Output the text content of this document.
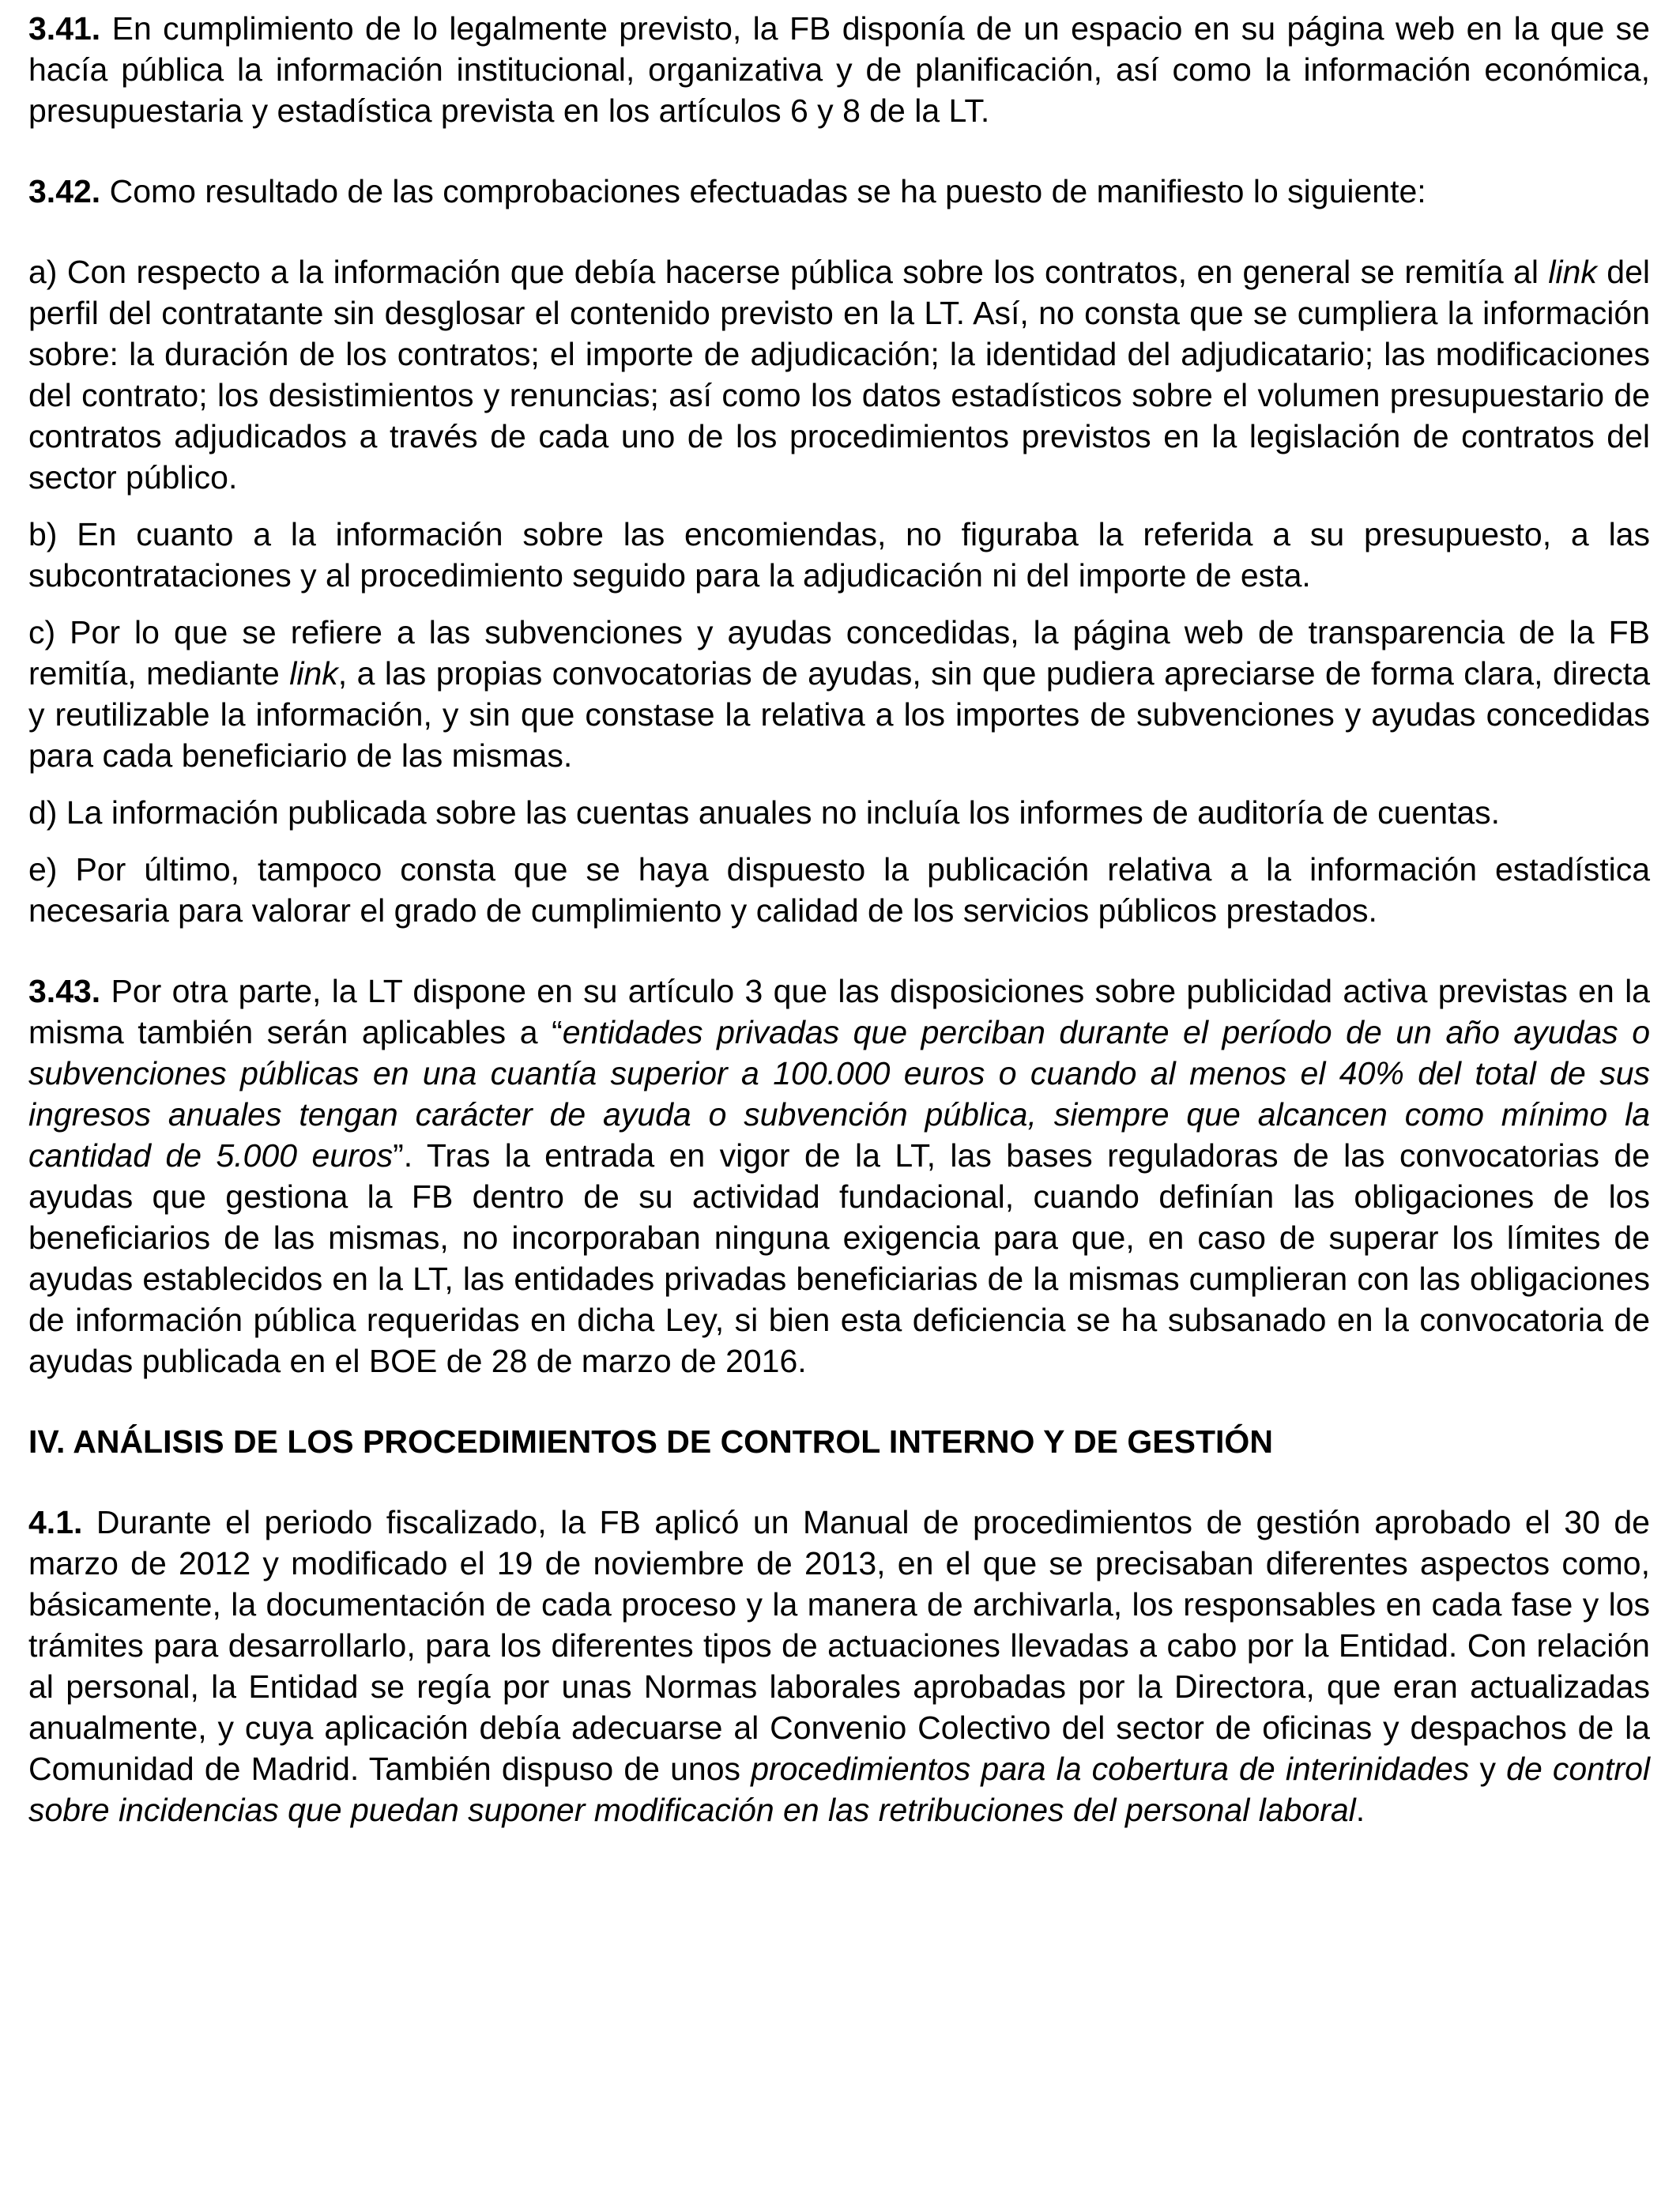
3.41. En cumplimiento de lo legalmente previsto, la FB disponía de un espacio en su página web en la que se hacía pública la información institucional, organizativa y de planificación, así como la información económica, presupuestaria y estadística prevista en los artículos 6 y 8 de la LT.

3.42. Como resultado de las comprobaciones efectuadas se ha puesto de manifiesto lo siguiente:

a) Con respecto a la información que debía hacerse pública sobre los contratos, en general se remitía al link del perfil del contratante sin desglosar el contenido previsto en la LT. Así, no consta que se cumpliera la información sobre: la duración de los contratos; el importe de adjudicación; la identidad del adjudicatario; las modificaciones del contrato; los desistimientos y renuncias; así como los datos estadísticos sobre el volumen presupuestario de contratos adjudicados a través de cada uno de los procedimientos previstos en la legislación de contratos del sector público.

b) En cuanto a la información sobre las encomiendas, no figuraba la referida a su presupuesto, a las subcontrataciones y al procedimiento seguido para la adjudicación ni del importe de esta.

c) Por lo que se refiere a las subvenciones y ayudas concedidas, la página web de transparencia de la FB remitía, mediante link, a las propias convocatorias de ayudas, sin que pudiera apreciarse de forma clara, directa y reutilizable la información, y sin que constase la relativa a los importes de subvenciones y ayudas concedidas para cada beneficiario de las mismas.

d) La información publicada sobre las cuentas anuales no incluía los informes de auditoría de cuentas.

e) Por último, tampoco consta que se haya dispuesto la publicación relativa a la información estadística necesaria para valorar el grado de cumplimiento y calidad de los servicios públicos prestados.

3.43. Por otra parte, la LT dispone en su artículo 3 que las disposiciones sobre publicidad activa previstas en la misma también serán aplicables a “entidades privadas que perciban durante el período de un año ayudas o subvenciones públicas en una cuantía superior a 100.000 euros o cuando al menos el 40% del total de sus ingresos anuales tengan carácter de ayuda o subvención pública, siempre que alcancen como mínimo la cantidad de 5.000 euros”. Tras la entrada en vigor de la LT, las bases reguladoras de las convocatorias de ayudas que gestiona la FB dentro de su actividad fundacional, cuando definían las obligaciones de los beneficiarios de las mismas, no incorporaban ninguna exigencia para que, en caso de superar los límites de ayudas establecidos en la LT, las entidades privadas beneficiarias de la mismas cumplieran con las obligaciones de información pública requeridas en dicha Ley, si bien esta deficiencia se ha subsanado en la convocatoria de ayudas publicada en el BOE de 28 de marzo de 2016.

IV. ANÁLISIS DE LOS PROCEDIMIENTOS DE CONTROL INTERNO Y DE GESTIÓN

4.1. Durante el periodo fiscalizado, la FB aplicó un Manual de procedimientos de gestión aprobado el 30 de marzo de 2012 y modificado el 19 de noviembre de 2013, en el que se precisaban diferentes aspectos como, básicamente, la documentación de cada proceso y la manera de archivarla, los responsables en cada fase y los trámites para desarrollarlo, para los diferentes tipos de actuaciones llevadas a cabo por la Entidad. Con relación al personal, la Entidad se regía por unas Normas laborales aprobadas por la Directora, que eran actualizadas anualmente, y cuya aplicación debía adecuarse al Convenio Colectivo del sector de oficinas y despachos de la Comunidad de Madrid. También dispuso de unos procedimientos para la cobertura de interinidades y de control sobre incidencias que puedan suponer modificación en las retribuciones del personal laboral.
